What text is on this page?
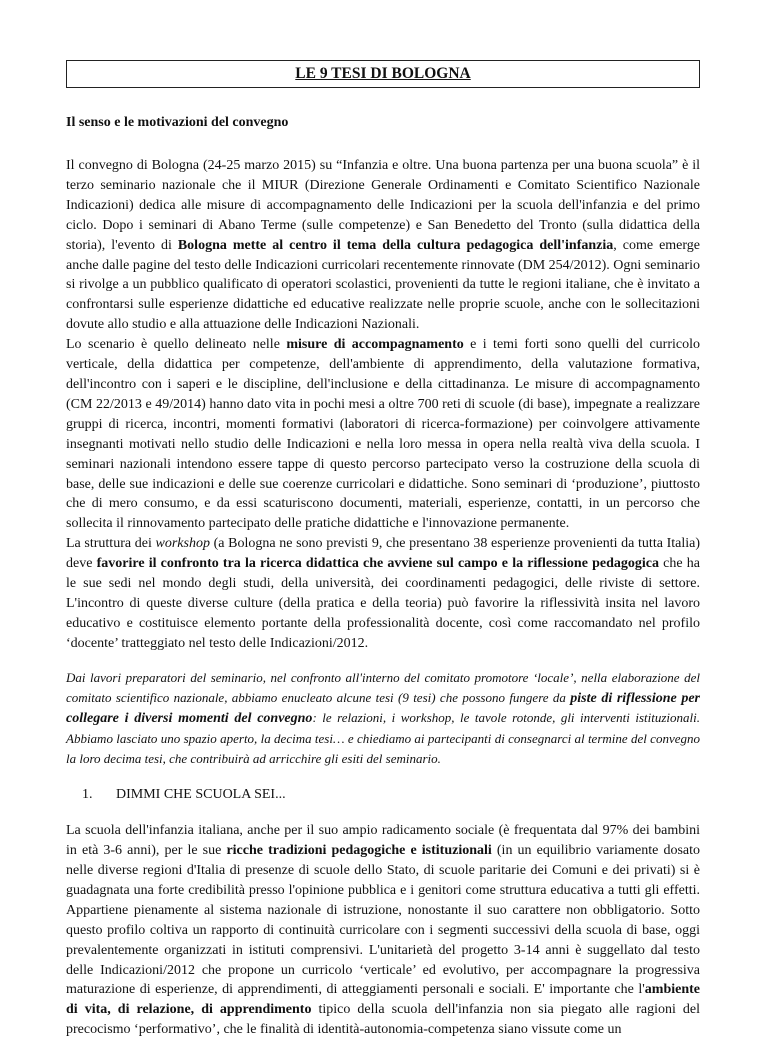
LE 9 TESI DI BOLOGNA
Il senso e le motivazioni del convegno

Il convegno di Bologna (24-25 marzo 2015) su “Infanzia e oltre. Una buona partenza per una buona scuola” è il terzo seminario nazionale che il MIUR (Direzione Generale Ordinamenti e Comitato Scientifico Nazionale Indicazioni) dedica alle misure di accompagnamento delle Indicazioni per la scuola dell'infanzia e del primo ciclo. Dopo i seminari di Abano Terme (sulle competenze) e San Benedetto del Tronto (sulla didattica della storia), l'evento di Bologna mette al centro il tema della cultura pedagogica dell'infanzia, come emerge anche dalle pagine del testo delle Indicazioni curricolari recentemente rinnovate (DM 254/2012). Ogni seminario si rivolge a un pubblico qualificato di operatori scolastici, provenienti da tutte le regioni italiane, che è invitato a confrontarsi sulle esperienze didattiche ed educative realizzate nelle proprie scuole, anche con le sollecitazioni dovute allo studio e alla attuazione delle Indicazioni Nazionali.

Lo scenario è quello delineato nelle misure di accompagnamento e i temi forti sono quelli del curricolo verticale, della didattica per competenze, dell'ambiente di apprendimento, della valutazione formativa, dell'incontro con i saperi e le discipline, dell'inclusione e della cittadinanza. Le misure di accompagnamento (CM 22/2013 e 49/2014) hanno dato vita in pochi mesi a oltre 700 reti di scuole (di base), impegnate a realizzare gruppi di ricerca, incontri, momenti formativi (laboratori di ricerca-formazione) per coinvolgere attivamente insegnanti motivati nello studio delle Indicazioni e nella loro messa in opera nella realtà viva della scuola. I seminari nazionali intendono essere tappe di questo percorso partecipato verso la costruzione della scuola di base, delle sue indicazioni e delle sue coerenze curricolari e didattiche. Sono seminari di ‘produzione’, piuttosto che di mero consumo, e da essi scaturiscono documenti, materiali, esperienze, contatti, in un percorso che sollecita il rinnovamento partecipato delle pratiche didattiche e l'innovazione permanente.

La struttura dei workshop (a Bologna ne sono previsti 9, che presentano 38 esperienze provenienti da tutta Italia) deve favorire il confronto tra la ricerca didattica che avviene sul campo e la riflessione pedagogica che ha le sue sedi nel mondo degli studi, della università, dei coordinamenti pedagogici, delle riviste di settore. L'incontro di queste diverse culture (della pratica e della teoria) può favorire la riflessività insita nel lavoro educativo e costituisce elemento portante della professionalità docente, così come raccomandato nel profilo ‘docente’ tratteggiato nel testo delle Indicazioni/2012.

Dai lavori preparatori del seminario, nel confronto all'interno del comitato promotore ‘locale’, nella elaborazione del comitato scientifico nazionale, abbiamo enucleato alcune tesi (9 tesi) che possono fungere da piste di riflessione per collegare i diversi momenti del convegno: le relazioni, i workshop, le tavole rotonde, gli interventi istituzionali. Abbiamo lasciato uno spazio aperto, la decima tesi… e chiediamo ai partecipanti di consegnarci al termine del convegno la loro decima tesi, che contribuirà ad arricchire gli esiti del seminario.

1. DIMMI CHE SCUOLA SEI...

La scuola dell'infanzia italiana, anche per il suo ampio radicamento sociale (è frequentata dal 97% dei bambini in età 3-6 anni), per le sue ricche tradizioni pedagogiche e istituzionali (in un equilibrio variamente dosato nelle diverse regioni d'Italia di presenze di scuole dello Stato, di scuole paritarie dei Comuni e dei privati) si è guadagnata una forte credibilità presso l'opinione pubblica e i genitori come struttura educativa a tutti gli effetti. Appartiene pienamente al sistema nazionale di istruzione, nonostante il suo carattere non obbligatorio. Sotto questo profilo coltiva un rapporto di continuità curricolare con i segmenti successivi della scuola di base, oggi prevalentemente organizzati in istituti comprensivi. L'unitarietà del progetto 3-14 anni è suggellato dal testo delle Indicazioni/2012 che propone un curricolo ‘verticale’ ed evolutivo, per accompagnare la progressiva maturazione di esperienze, di apprendimenti, di atteggiamenti personali e sociali. E' importante che l'ambiente di vita, di relazione, di apprendimento tipico della scuola dell'infanzia non sia piegato alle ragioni del precocismo ‘performativo’, che le finalità di identità-autonomia-competenza siano vissute come un
